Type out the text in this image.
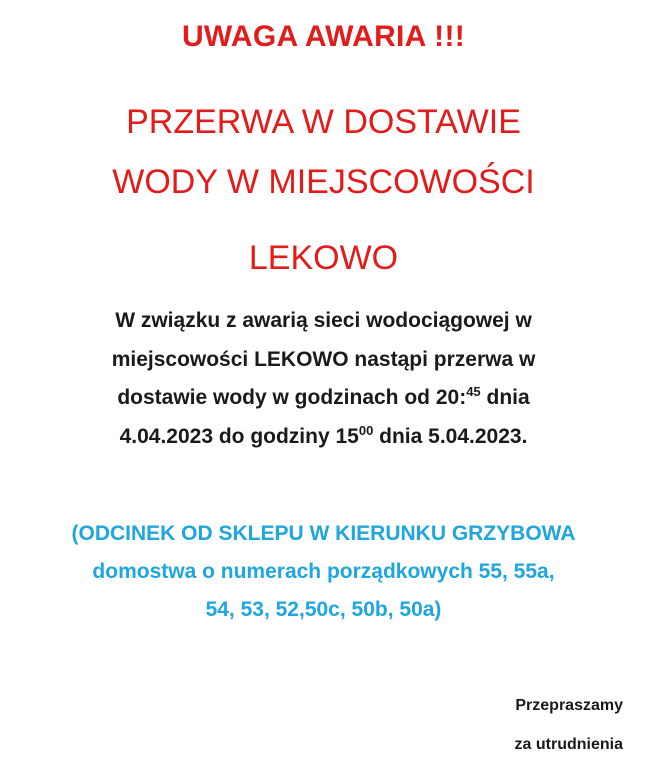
UWAGA AWARIA !!!
PRZERWA W DOSTAWIE
WODY W MIEJSCOWOŚCI
LEKOWO
W związku z awarią sieci wodociągowej w
miejscowości LEKOWO nastąpi przerwa w
dostawie wody w godzinach od 20:$^{45}$ dnia
4.04.2023 do godziny $15^{00}$ dnia 5.04.2023.
(ODCINEK OD SKLEPU W KIERUNKU GRZYBOWA
domostwa o numerach porządkowych 55, 55a,
54, 53, 52,50c, 50b, 50a)

Przepraszamy

za utrudnienia
